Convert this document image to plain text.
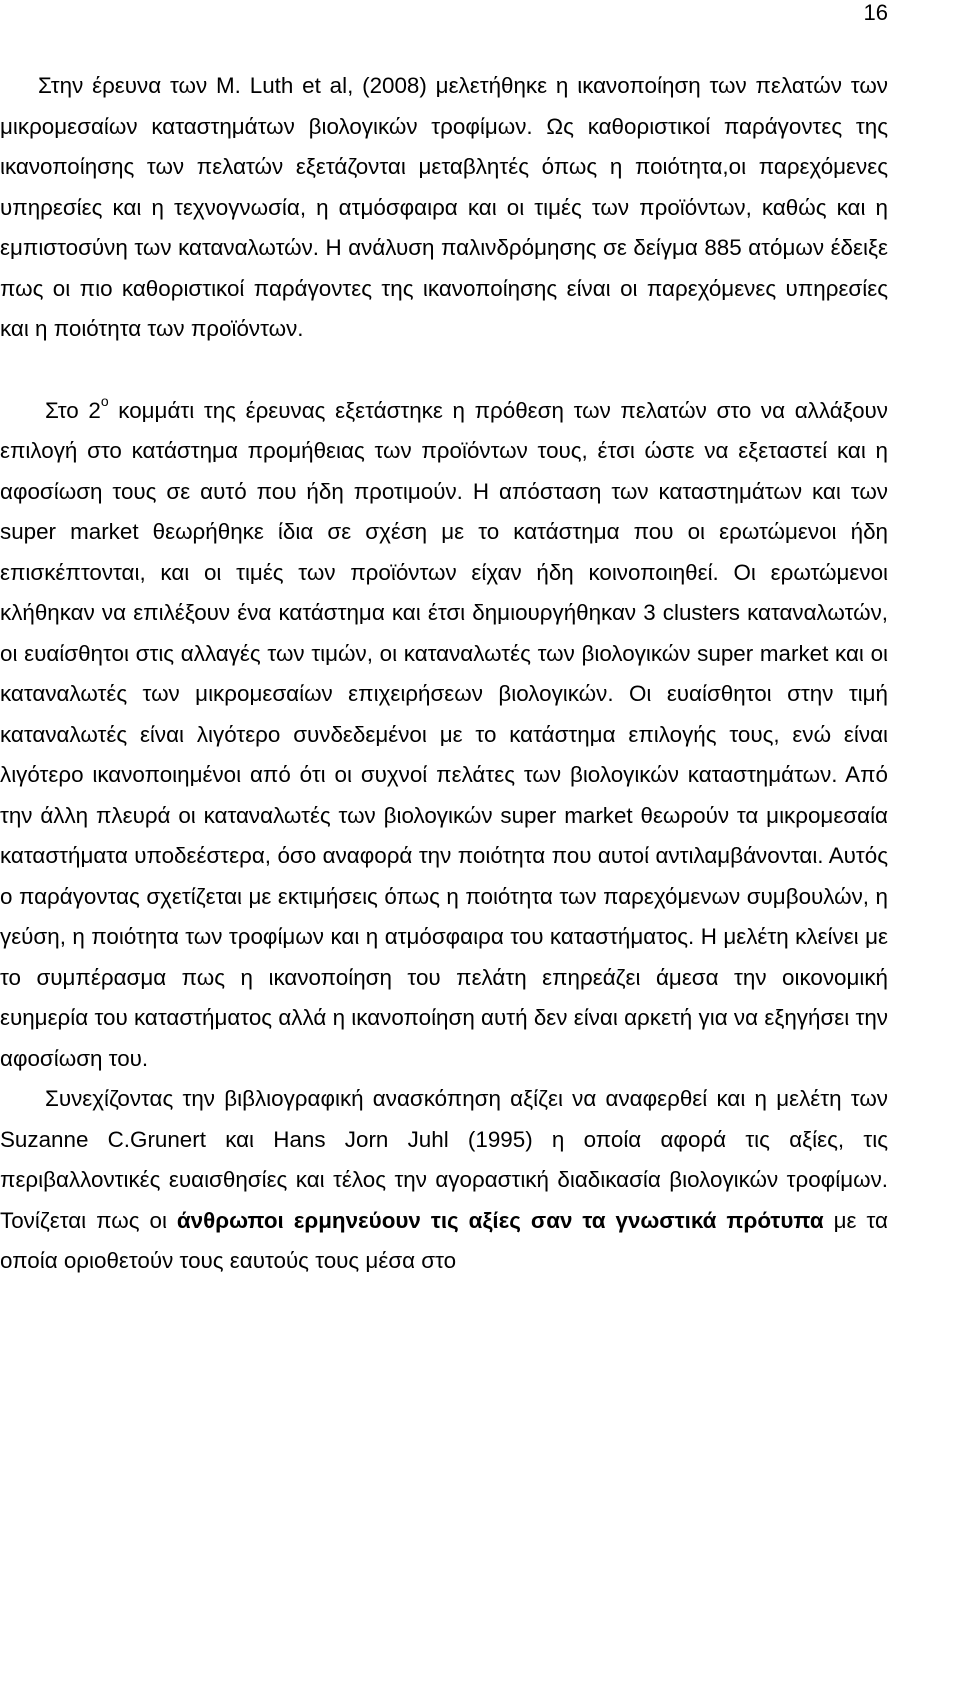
16

Στην έρευνα των M. Luth et al, (2008) μελετήθηκε η ικανοποίηση των πελατών των μικρομεσαίων καταστημάτων βιολογικών τροφίμων. Ως καθοριστικοί παράγοντες της ικανοποίησης των πελατών εξετάζονται μεταβλητές όπως η ποιότητα,οι παρεχόμενες υπηρεσίες και η τεχνογνωσία, η ατμόσφαιρα και οι τιμές των προϊόντων, καθώς και η εμπιστοσύνη των καταναλωτών. Η ανάλυση παλινδρόμησης σε δείγμα 885 ατόμων έδειξε πως οι πιο καθοριστικοί παράγοντες της ικανοποίησης είναι οι παρεχόμενες υπηρεσίες και η ποιότητα των προϊόντων.

Στο $2^o$ κομμάτι της έρευνας εξετάστηκε η πρόθεση των πελατών στο να αλλάξουν επιλογή στο κατάστημα προμήθειας των προϊόντων τους, έτσι ώστε να εξεταστεί και η αφοσίωση τους σε αυτό που ήδη προτιμούν. Η απόσταση των καταστημάτων και των super market θεωρήθηκε ίδια σε σχέση με το κατάστημα που οι ερωτώμενοι ήδη επισκέπτονται, και οι τιμές των προϊόντων είχαν ήδη κοινοποιηθεί. Οι ερωτώμενοι κλήθηκαν να επιλέξουν ένα κατάστημα και έτσι δημιουργήθηκαν 3 clusters καταναλωτών, οι ευαίσθητοι στις αλλαγές των τιμών, οι καταναλωτές των βιολογικών super market και οι καταναλωτές των μικρομεσαίων επιχειρήσεων βιολογικών. Οι ευαίσθητοι στην τιμή καταναλωτές είναι λιγότερο συνδεδεμένοι με το κατάστημα επιλογής τους, ενώ είναι λιγότερο ικανοποιημένοι από ότι οι συχνοί πελάτες των βιολογικών καταστημάτων. Από την άλλη πλευρά οι καταναλωτές των βιολογικών super market θεωρούν τα μικρομεσαία καταστήματα υποδεέστερα, όσο αναφορά την ποιότητα που αυτοί αντιλαμβάνονται. Αυτός ο παράγοντας σχετίζεται με εκτιμήσεις όπως η ποιότητα των παρεχόμενων συμβουλών, η γεύση, η ποιότητα των τροφίμων και η ατμόσφαιρα του καταστήματος. Η μελέτη κλείνει με το συμπέρασμα πως η ικανοποίηση του πελάτη επηρεάζει άμεσα την οικονομική ευημερία του καταστήματος αλλά η ικανοποίηση αυτή δεν είναι αρκετή για να εξηγήσει την αφοσίωση του.

Συνεχίζοντας την βιβλιογραφική ανασκόπηση αξίζει να αναφερθεί και η μελέτη των Suzanne C.Grunert και Hans Jorn Juhl (1995) η οποία αφορά τις αξίες, τις περιβαλλοντικές ευαισθησίες και τέλος την αγοραστική διαδικασία βιολογικών τροφίμων. Τονίζεται πως οι άνθρωποι ερμηνεύουν τις αξίες σαν τα γνωστικά πρότυπα με τα οποία οριοθετούν τους εαυτούς τους μέσα στο
